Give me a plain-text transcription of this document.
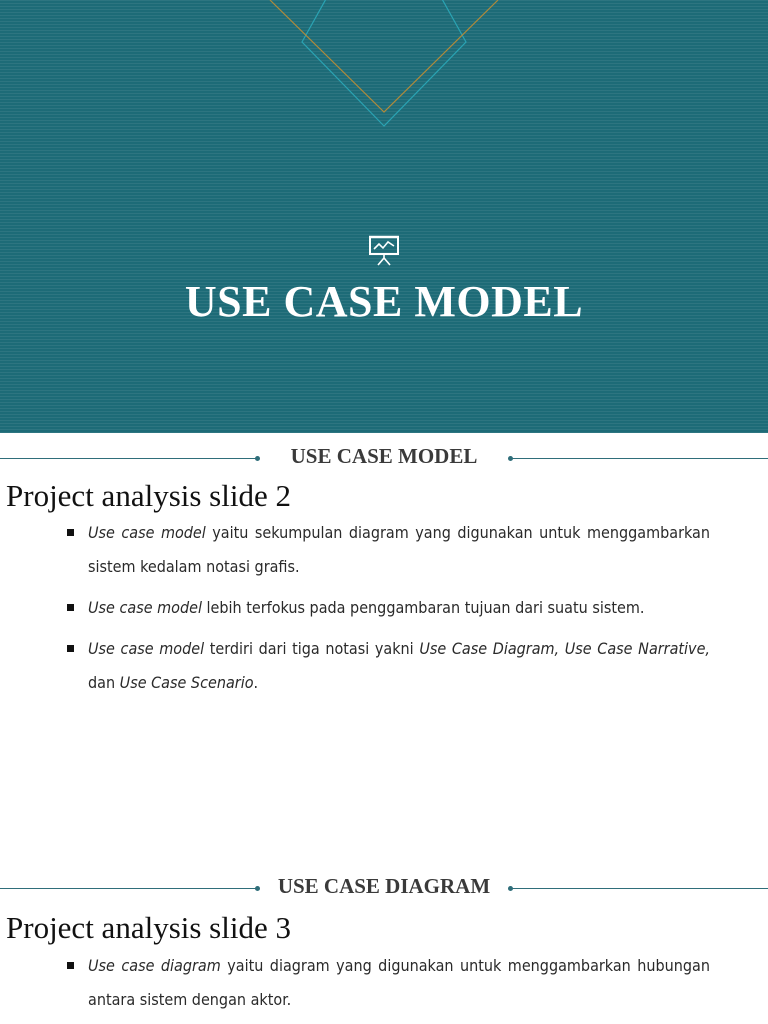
USE CASE MODEL
USE CASE MODEL
Project analysis slide 2
Use case model yaitu sekumpulan diagram yang digunakan untuk menggambarkan sistem kedalam notasi grafis.
Use case model lebih terfokus pada penggambaran tujuan dari suatu sistem.
Use case model terdiri dari tiga notasi yakni Use Case Diagram, Use Case Narrative, dan Use Case Scenario.
USE CASE DIAGRAM
Project analysis slide 3
Use case diagram yaitu diagram yang digunakan untuk menggambarkan hubungan antara sistem dengan aktor.
